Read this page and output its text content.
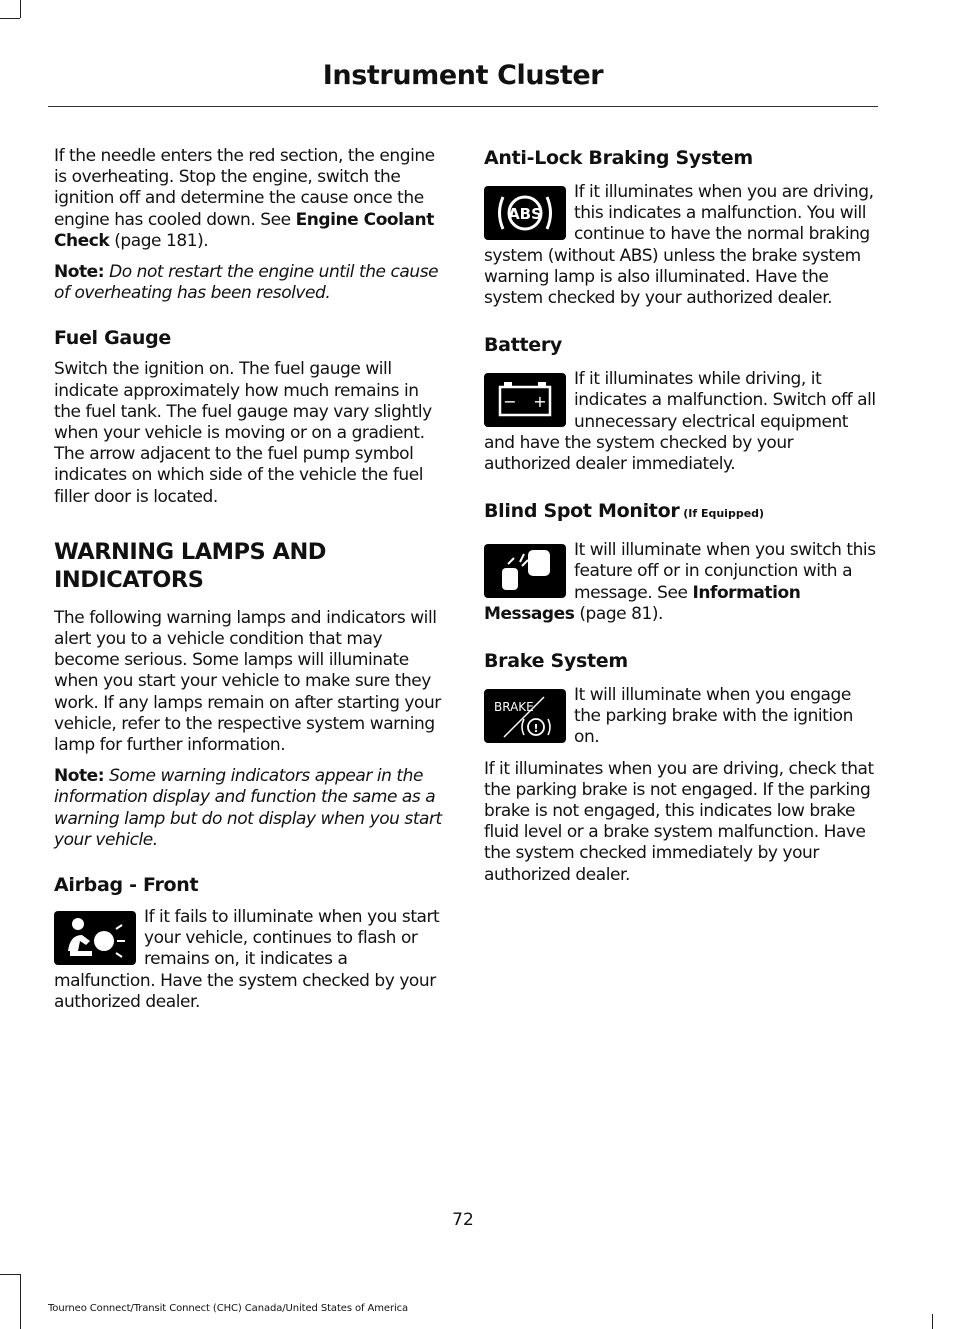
Instrument Cluster

If the needle enters the red section, the engine is overheating. Stop the engine, switch the ignition off and determine the cause once the engine has cooled down. See Engine Coolant Check (page 181).

Note: Do not restart the engine until the cause of overheating has been resolved.

Fuel Gauge

Switch the ignition on. The fuel gauge will indicate approximately how much remains in the fuel tank. The fuel gauge may vary slightly when your vehicle is moving or on a gradient. The arrow adjacent to the fuel pump symbol indicates on which side of the vehicle the fuel filler door is located.

WARNING LAMPS AND INDICATORS

The following warning lamps and indicators will alert you to a vehicle condition that may become serious. Some lamps will illuminate when you start your vehicle to make sure they work. If any lamps remain on after starting your vehicle, refer to the respective system warning lamp for further information.

Note: Some warning indicators appear in the information display and function the same as a warning lamp but do not display when you start your vehicle.

Airbag - Front

If it fails to illuminate when you start your vehicle, continues to flash or remains on, it indicates a malfunction. Have the system checked by your authorized dealer.

Anti-Lock Braking System
ABS

If it illuminates when you are driving, this indicates a malfunction. You will continue to have the normal braking system (without ABS) unless the brake system warning lamp is also illuminated. Have the system checked by your authorized dealer.

Battery
− +

If it illuminates while driving, it indicates a malfunction. Switch off all unnecessary electrical equipment and have the system checked by your authorized dealer immediately.

Blind Spot Monitor (If Equipped)

It will illuminate when you switch this feature off or in conjunction with a message. See Information Messages (page 81).

Brake System
BRAKE
!

It will illuminate when you engage the parking brake with the ignition on.

If it illuminates when you are driving, check that the parking brake is not engaged. If the parking brake is not engaged, this indicates low brake fluid level or a brake system malfunction. Have the system checked immediately by your authorized dealer.

72
Tourneo Connect/Transit Connect (CHC) Canada/United States of America
